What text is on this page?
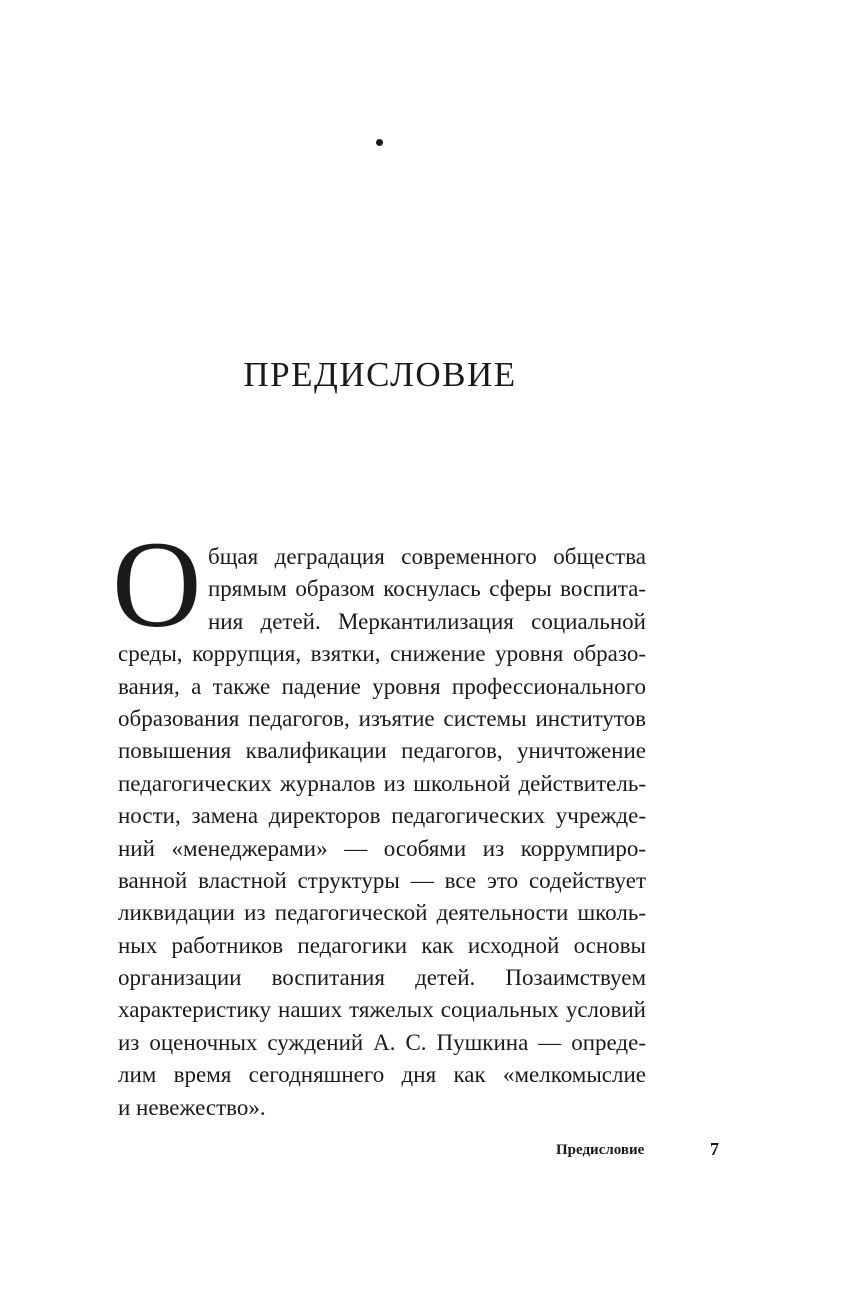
ПРЕДИСЛОВИЕ
О бщая деградация современного общества
прямым образом коснулась сферы воспита-
ния детей. Меркантилизация социальной
среды, коррупция, взятки, снижение уровня образо-
вания, а также падение уровня профессионального
образования педагогов, изъятие системы институтов
повышения квалификации педагогов, уничтожение
педагогических журналов из школьной действитель-
ности, замена директоров педагогических учрежде-
ний «менеджерами» — особями из коррумпиро-
ванной властной структуры — все это содействует
ликвидации из педагогической деятельности школь-
ных работников педагогики как исходной основы
организации воспитания детей. Позаимствуем
характеристику наших тяжелых социальных условий
из оценочных суждений А. С. Пушкина — опреде-
лим время сегодняшнего дня как «мелкомыслие
и невежество».
Предисловие	7
